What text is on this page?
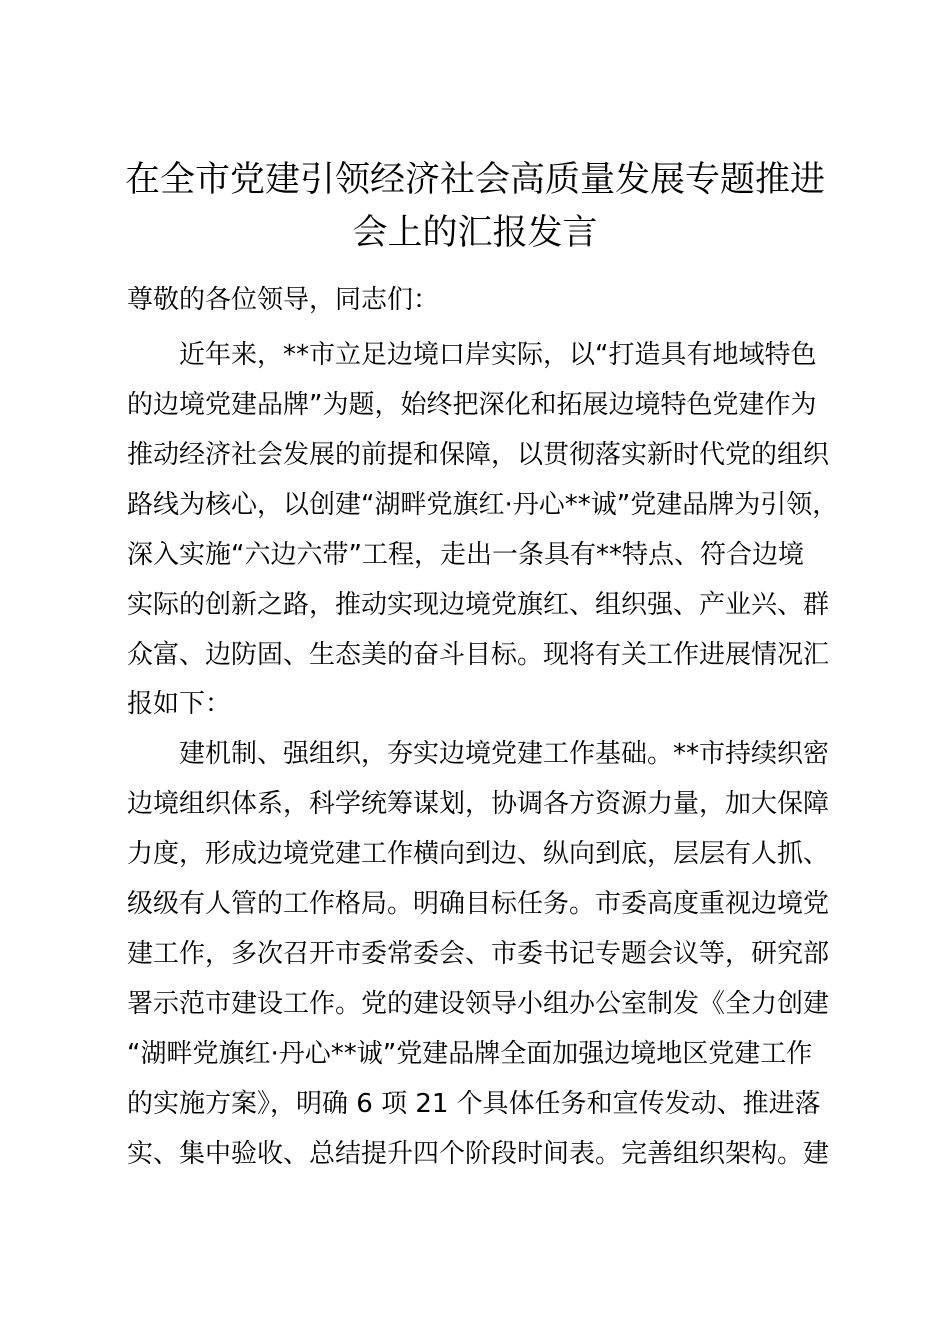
在全市党建引领经济社会高质量发展专题推进
会上的汇报发言

尊敬的各位领导，同志们：

近年来，**市立足边境口岸实际，以“打造具有地域特色

的边境党建品牌”为题，始终把深化和拓展边境特色党建作为

推动经济社会发展的前提和保障，以贯彻落实新时代党的组织

路线为核心，以创建“湖畔党旗红·丹心**诚”党建品牌为引领，

深入实施“六边六带”工程，走出一条具有**特点、符合边境

实际的创新之路，推动实现边境党旗红、组织强、产业兴、群

众富、边防固、生态美的奋斗目标。现将有关工作进展情况汇

报如下：

建机制、强组织，夯实边境党建工作基础。**市持续织密

边境组织体系，科学统筹谋划，协调各方资源力量，加大保障

力度，形成边境党建工作横向到边、纵向到底，层层有人抓、

级级有人管的工作格局。明确目标任务。市委高度重视边境党

建工作，多次召开市委常委会、市委书记专题会议等，研究部

署示范市建设工作。党的建设领导小组办公室制发《全力创建

“湖畔党旗红·丹心**诚”党建品牌全面加强边境地区党建工作

的实施方案》，明确 6 项 21 个具体任务和宣传发动、推进落

实、集中验收、总结提升四个阶段时间表。完善组织架构。建
